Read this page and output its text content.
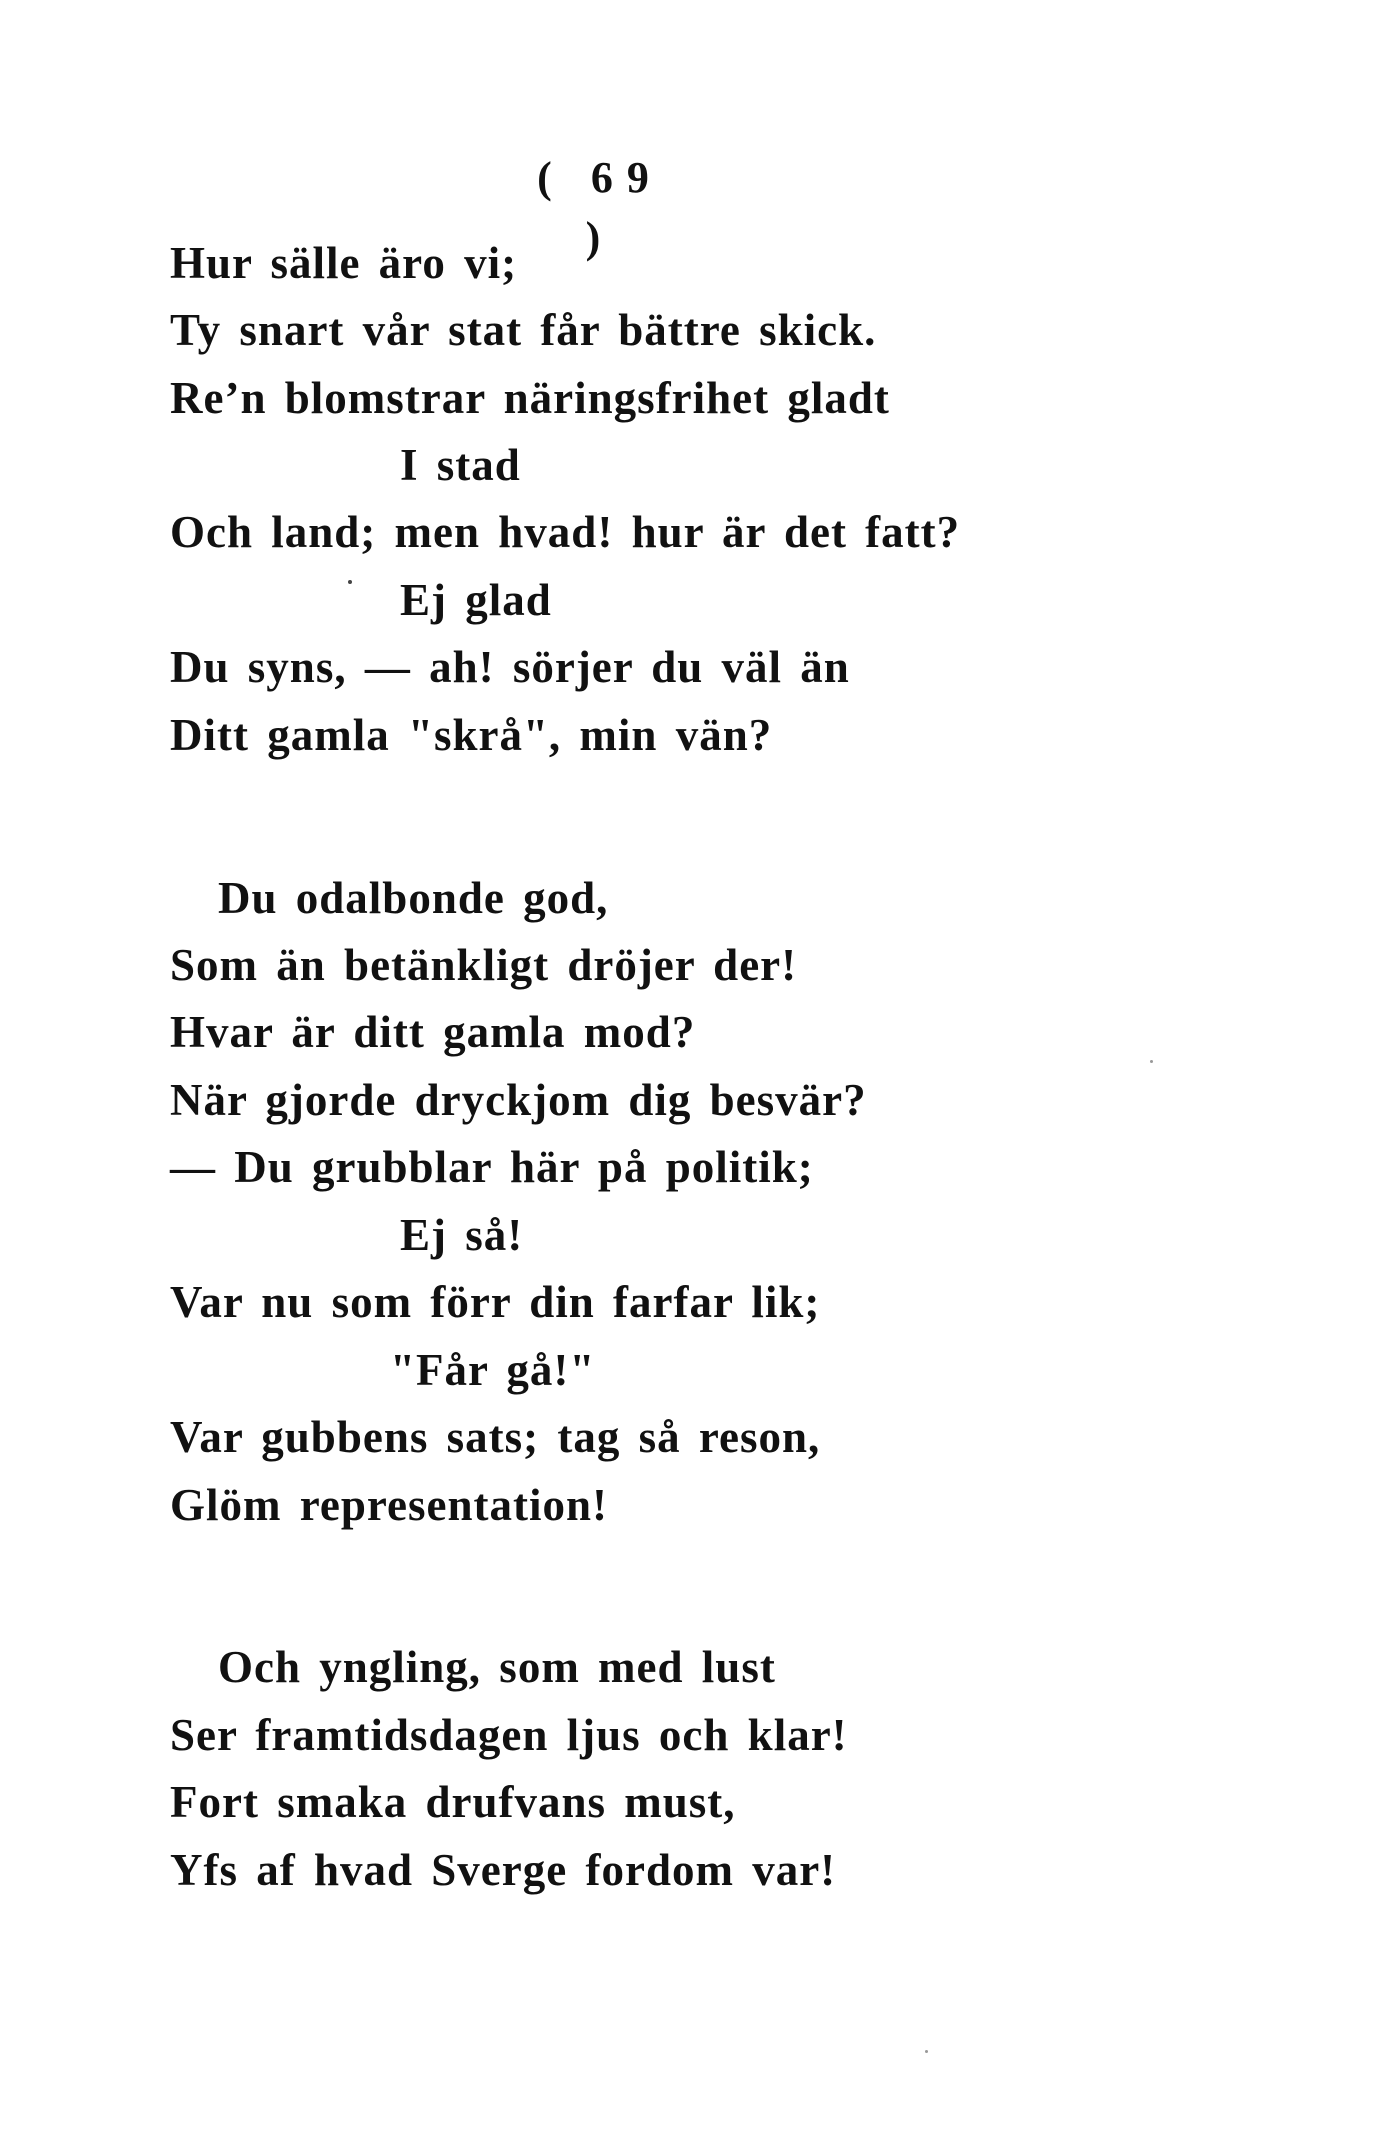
( 69 )
Hur sälle äro vi;
Ty snart vår stat får bättre skick.
Re’n blomstrar näringsfrihet gladt
I stad
Och land; men hvad! hur är det fatt?
Ej glad
Du syns, — ah! sörjer du väl än
Ditt gamla "skrå", min vän?
Du odalbonde god,
Som än betänkligt dröjer der!
Hvar är ditt gamla mod?
När gjorde dryckjom dig besvär?
— Du grubblar här på politik;
Ej så!
Var nu som förr din farfar lik;
"Får gå!"
Var gubbens sats; tag så reson,
Glöm representation!
Och yngling, som med lust
Ser framtidsdagen ljus och klar!
Fort smaka drufvans must,
Yfs af hvad Sverge fordom var!
